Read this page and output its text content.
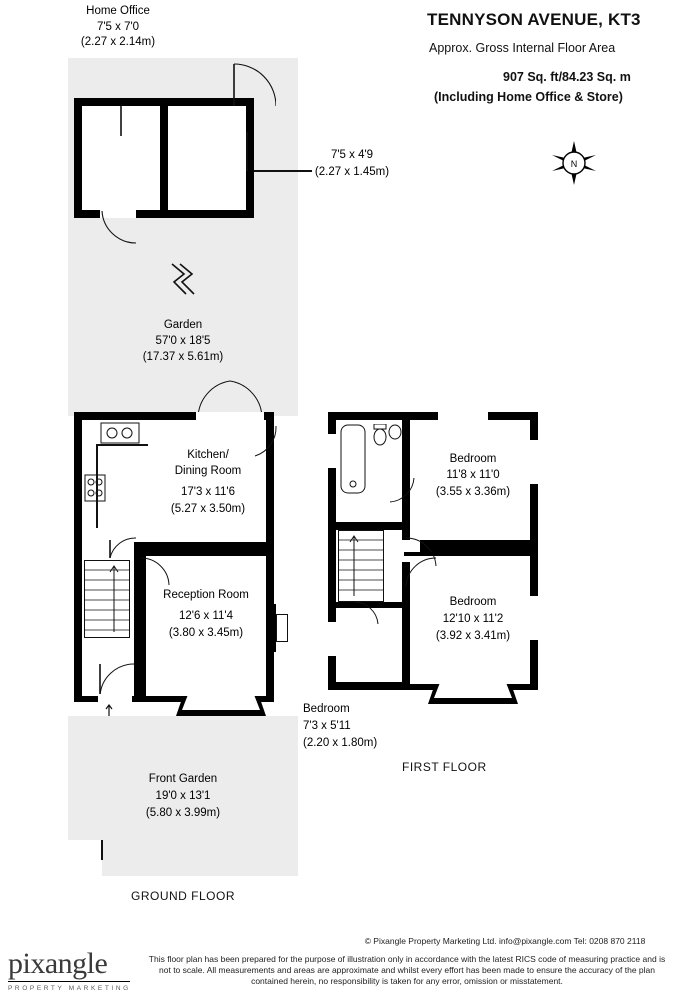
TENNYSON AVENUE, KT3
Approx. Gross Internal Floor Area
907 Sq. ft/84.23 Sq. m
(Including Home Office & Store)
N
Home Office
7'5 x 7'0
(2.27 x 2.14m)
7'5 x 4'9
(2.27 x 1.45m)
Garden
57'0 x 18'5
(17.37 x 5.61m)
Kitchen/
Dining Room
17'3 x 11'6
(5.27 x 3.50m)
Reception Room
12'6 x 11'4
(3.80 x 3.45m)
Front Garden
19'0 x 13'1
(5.80 x 3.99m)
GROUND FLOOR
Bedroom
11'8 x 11'0
(3.55 x 3.36m)
Bedroom
12'10 x 11'2
(3.92 x 3.41m)
Bedroom
7'3 x 5'11
(2.20 x 1.80m)
FIRST FLOOR
© Pixangle Property Marketing Ltd. info@pixangle.com Tel: 0208 870 2118
This floor plan has been prepared for the purpose of illustration only in accordance with the latest RICS code of measuring practice and is
not to scale. All measurements and areas are approximate and whilst every effort has been made to ensure the accuracy of the plan
contained herein, no responsibility is taken for any error, omission or misstatement.
pixangle
PROPERTY MARKETING
